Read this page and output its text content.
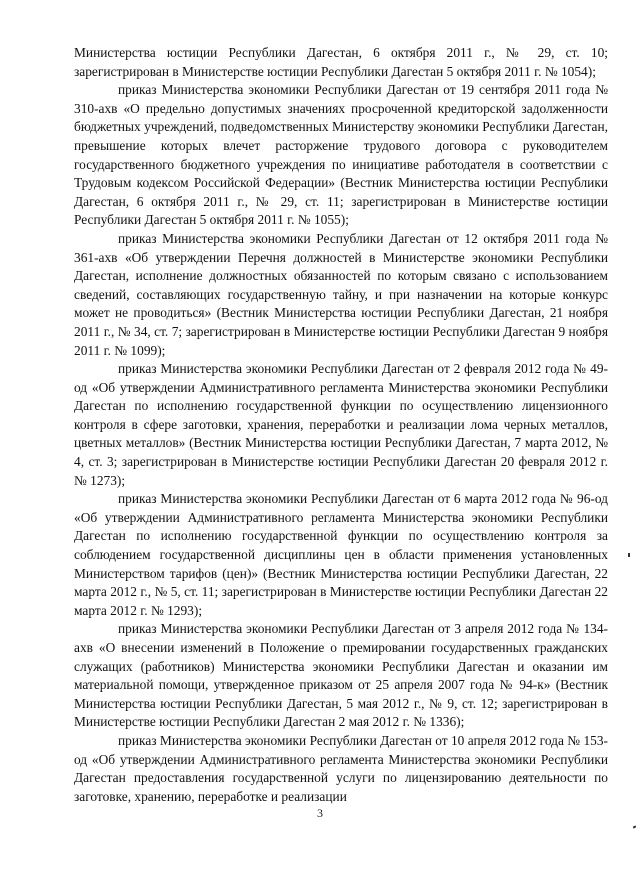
Министерства юстиции Республики Дагестан, 6 октября 2011 г., № 29, ст. 10; зарегистрирован в Министерстве юстиции Республики Дагестан 5 октября 2011 г. № 1054);

приказ Министерства экономики Республики Дагестан от 19 сентября 2011 года № 310-ахв «О предельно допустимых значениях просроченной кредиторской задолженности бюджетных учреждений, подведомственных Министерству экономики Республики Дагестан, превышение которых влечет расторжение трудового договора с руководителем государственного бюджетного учреждения по инициативе работодателя в соответствии с Трудовым кодексом Российской Федерации» (Вестник Министерства юстиции Республики Дагестан, 6 октября 2011 г., № 29, ст. 11; зарегистрирован в Министерстве юстиции Республики Дагестан 5 октября 2011 г. № 1055);

приказ Министерства экономики Республики Дагестан от 12 октября 2011 года № 361-ахв «Об утверждении Перечня должностей в Министерстве экономики Республики Дагестан, исполнение должностных обязанностей по которым связано с использованием сведений, составляющих государственную тайну, и при назначении на которые конкурс может не проводиться» (Вестник Министерства юстиции Республики Дагестан, 21 ноября 2011 г., № 34, ст. 7; зарегистрирован в Министерстве юстиции Республики Дагестан 9 ноября 2011 г. № 1099);

приказ Министерства экономики Республики Дагестан от 2 февраля 2012 года № 49-од «Об утверждении Административного регламента Министерства экономики Республики Дагестан по исполнению государственной функции по осуществлению лицензионного контроля в сфере заготовки, хранения, переработки и реализации лома черных металлов, цветных металлов» (Вестник Министерства юстиции Республики Дагестан, 7 марта 2012, № 4, ст. 3; зарегистрирован в Министерстве юстиции Республики Дагестан 20 февраля 2012 г. № 1273);

приказ Министерства экономики Республики Дагестан от 6 марта 2012 года № 96-од «Об утверждении Административного регламента Министерства экономики Республики Дагестан по исполнению государственной функции по осуществлению контроля за соблюдением государственной дисциплины цен в области применения установленных Министерством тарифов (цен)» (Вестник Министерства юстиции Республики Дагестан, 22 марта 2012 г., № 5, ст. 11; зарегистрирован в Министерстве юстиции Республики Дагестан 22 марта 2012 г. № 1293);

приказ Министерства экономики Республики Дагестан от 3 апреля 2012 года № 134-ахв «О внесении изменений в Положение о премировании государственных гражданских служащих (работников) Министерства экономики Республики Дагестан и оказании им материальной помощи, утвержденное приказом от 25 апреля 2007 года № 94-к» (Вестник Министерства юстиции Республики Дагестан, 5 мая 2012 г., № 9, ст. 12; зарегистрирован в Министерстве юстиции Республики Дагестан 2 мая 2012 г. № 1336);

приказ Министерства экономики Республики Дагестан от 10 апреля 2012 года № 153-од «Об утверждении Административного регламента Министерства экономики Республики Дагестан предоставления государственной услуги по лицензированию деятельности по заготовке, хранению, переработке и реализации

3
